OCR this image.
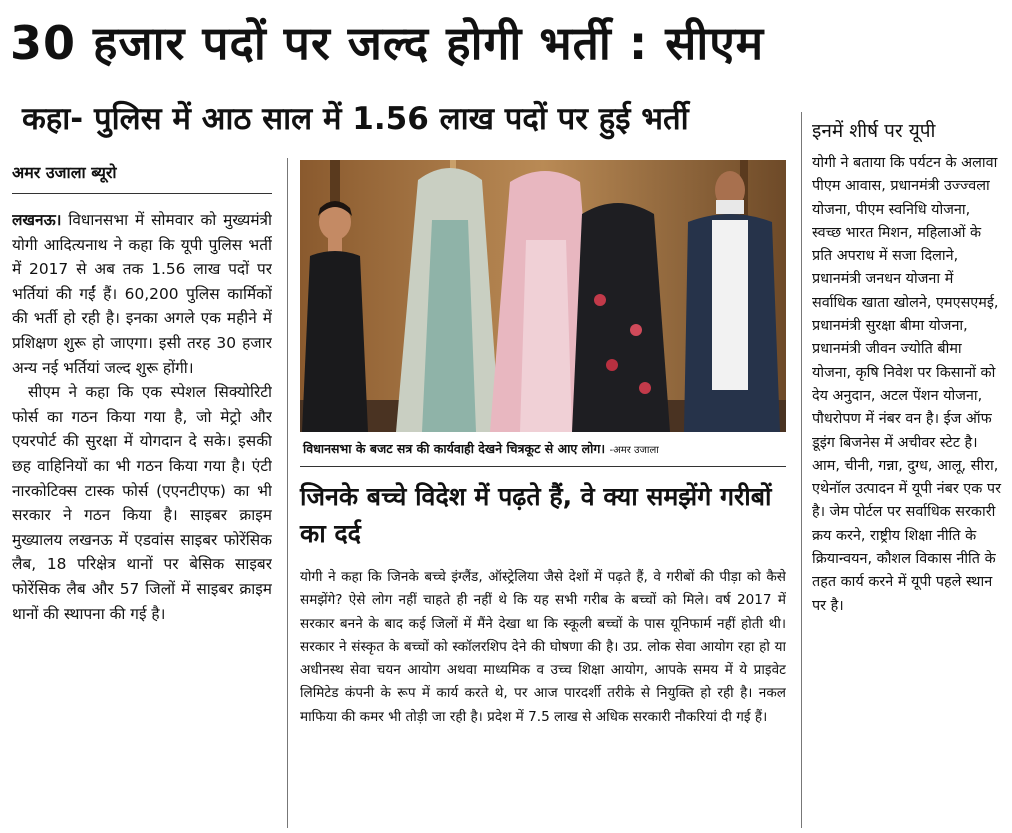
30 हजार पदों पर जल्द होगी भर्ती : सीएम
कहा- पुलिस में आठ साल में 1.56 लाख पदों पर हुई भर्ती
अमर उजाला ब्यूरो

लखनऊ। विधानसभा में सोमवार को मुख्यमंत्री योगी आदित्यनाथ ने कहा कि यूपी पुलिस भर्ती में 2017 से अब तक 1.56 लाख पदों पर भर्तियां की गईं हैं। 60,200 पुलिस कार्मिकों की भर्ती हो रही है। इनका अगले एक महीने में प्रशिक्षण शुरू हो जाएगा। इसी तरह 30 हजार अन्य नई भर्तियां जल्द शुरू होंगी।

सीएम ने कहा कि एक स्पेशल सिक्योरिटी फोर्स का गठन किया गया है, जो मेट्रो और एयरपोर्ट की सुरक्षा में योगदान दे सके। इसकी छह वाहिनियों का भी गठन किया गया है। एंटी नारकोटिक्स टास्क फोर्स (एएनटीएफ) का भी सरकार ने गठन किया है। साइबर क्राइम मुख्यालय लखनऊ में एडवांस साइबर फोरेंसिक लैब, 18 परिक्षेत्र थानों पर बेसिक साइबर फोरेंसिक लैब और 57 जिलों में साइबर क्राइम थानों की स्थापना की गई है।

विधानसभा के बजट सत्र की कार्यवाही देखने चित्रकूट से आए लोग। -अमर उजाला
जिनके बच्चे विदेश में पढ़ते हैं, वे क्या समझेंगे गरीबों का दर्द

योगी ने कहा कि जिनके बच्चे इंग्लैंड, ऑस्ट्रेलिया जैसे देशों में पढ़ते हैं, वे गरीबों की पीड़ा को कैसे समझेंगे? ऐसे लोग नहीं चाहते ही नहीं थे कि यह सभी गरीब के बच्चों को मिले। वर्ष 2017 में सरकार बनने के बाद कई जिलों में मैंने देखा था कि स्कूली बच्चों के पास यूनिफार्म नहीं होती थी। सरकार ने संस्कृत के बच्चों को स्कॉलरशिप देने की घोषणा की है। उप्र. लोक सेवा आयोग रहा हो या अधीनस्थ सेवा चयन आयोग अथवा माध्यमिक व उच्च शिक्षा आयोग, आपके समय में ये प्राइवेट लिमिटेड कंपनी के रूप में कार्य करते थे, पर आज पारदर्शी तरीके से नियुक्ति हो रही है। नकल माफिया की कमर भी तोड़ी जा रही है। प्रदेश में 7.5 लाख से अधिक सरकारी नौकरियां दी गई हैं।

इनमें शीर्ष पर यूपी

योगी ने बताया कि पर्यटन के अलावा पीएम आवास, प्रधानमंत्री उज्ज्वला योजना, पीएम स्वनिधि योजना, स्वच्छ भारत मिशन, महिलाओं के प्रति अपराध में सजा दिलाने, प्रधानमंत्री जनधन योजना में सर्वाधिक खाता खोलने, एमएसएमई, प्रधानमंत्री सुरक्षा बीमा योजना, प्रधानमंत्री जीवन ज्योति बीमा योजना, कृषि निवेश पर किसानों को देय अनुदान, अटल पेंशन योजना, पौधरोपण में नंबर वन है। ईज ऑफ डूइंग बिजनेस में अचीवर स्टेट है। आम, चीनी, गन्ना, दुग्ध, आलू, सीरा, एथेनॉल उत्पादन में यूपी नंबर एक पर है। जेम पोर्टल पर सर्वाधिक सरकारी क्रय करने, राष्ट्रीय शिक्षा नीति के क्रियान्वयन, कौशल विकास नीति के तहत कार्य करने में यूपी पहले स्थान पर है।
